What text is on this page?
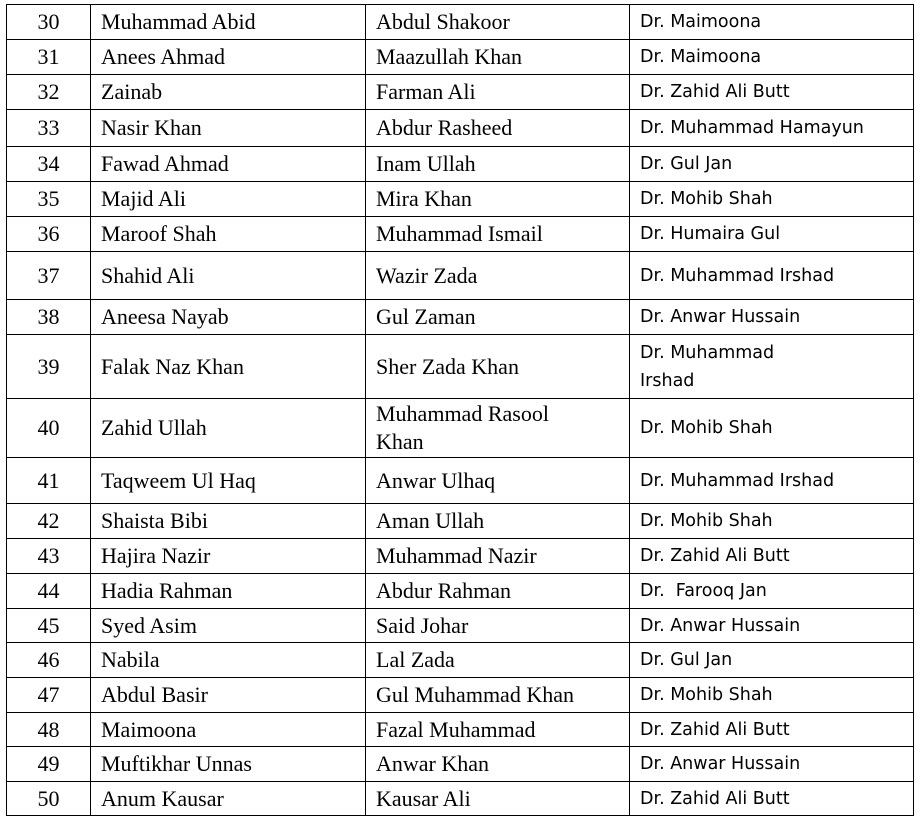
30	Muhammad Abid	Abdul Shakoor	Dr. Maimoona
31	Anees Ahmad	Maazullah Khan	Dr. Maimoona
32	Zainab	Farman Ali	Dr. Zahid Ali Butt
33	Nasir Khan	Abdur Rasheed	Dr. Muhammad Hamayun
34	Fawad Ahmad	Inam Ullah	Dr. Gul Jan
35	Majid Ali	Mira Khan	Dr. Mohib Shah
36	Maroof Shah	Muhammad Ismail	Dr. Humaira Gul
37	Shahid Ali	Wazir Zada	Dr. Muhammad Irshad
38	Aneesa Nayab	Gul Zaman	Dr. Anwar Hussain
39	Falak Naz Khan	Sher Zada Khan	Dr. Muhammad Irshad
40	Zahid Ullah	Muhammad Rasool Khan	Dr. Mohib Shah
41	Taqweem Ul Haq	Anwar Ulhaq	Dr. Muhammad Irshad
42	Shaista Bibi	Aman Ullah	Dr. Mohib Shah
43	Hajira Nazir	Muhammad Nazir	Dr. Zahid Ali Butt
44	Hadia Rahman	Abdur Rahman	Dr.  Farooq Jan
45	Syed Asim	Said Johar	Dr. Anwar Hussain
46	Nabila	Lal Zada	Dr. Gul Jan
47	Abdul Basir	Gul Muhammad Khan	Dr. Mohib Shah
48	Maimoona	Fazal Muhammad	Dr. Zahid Ali Butt
49	Muftikhar Unnas	Anwar Khan	Dr. Anwar Hussain
50	Anum Kausar	Kausar Ali	Dr. Zahid Ali Butt
